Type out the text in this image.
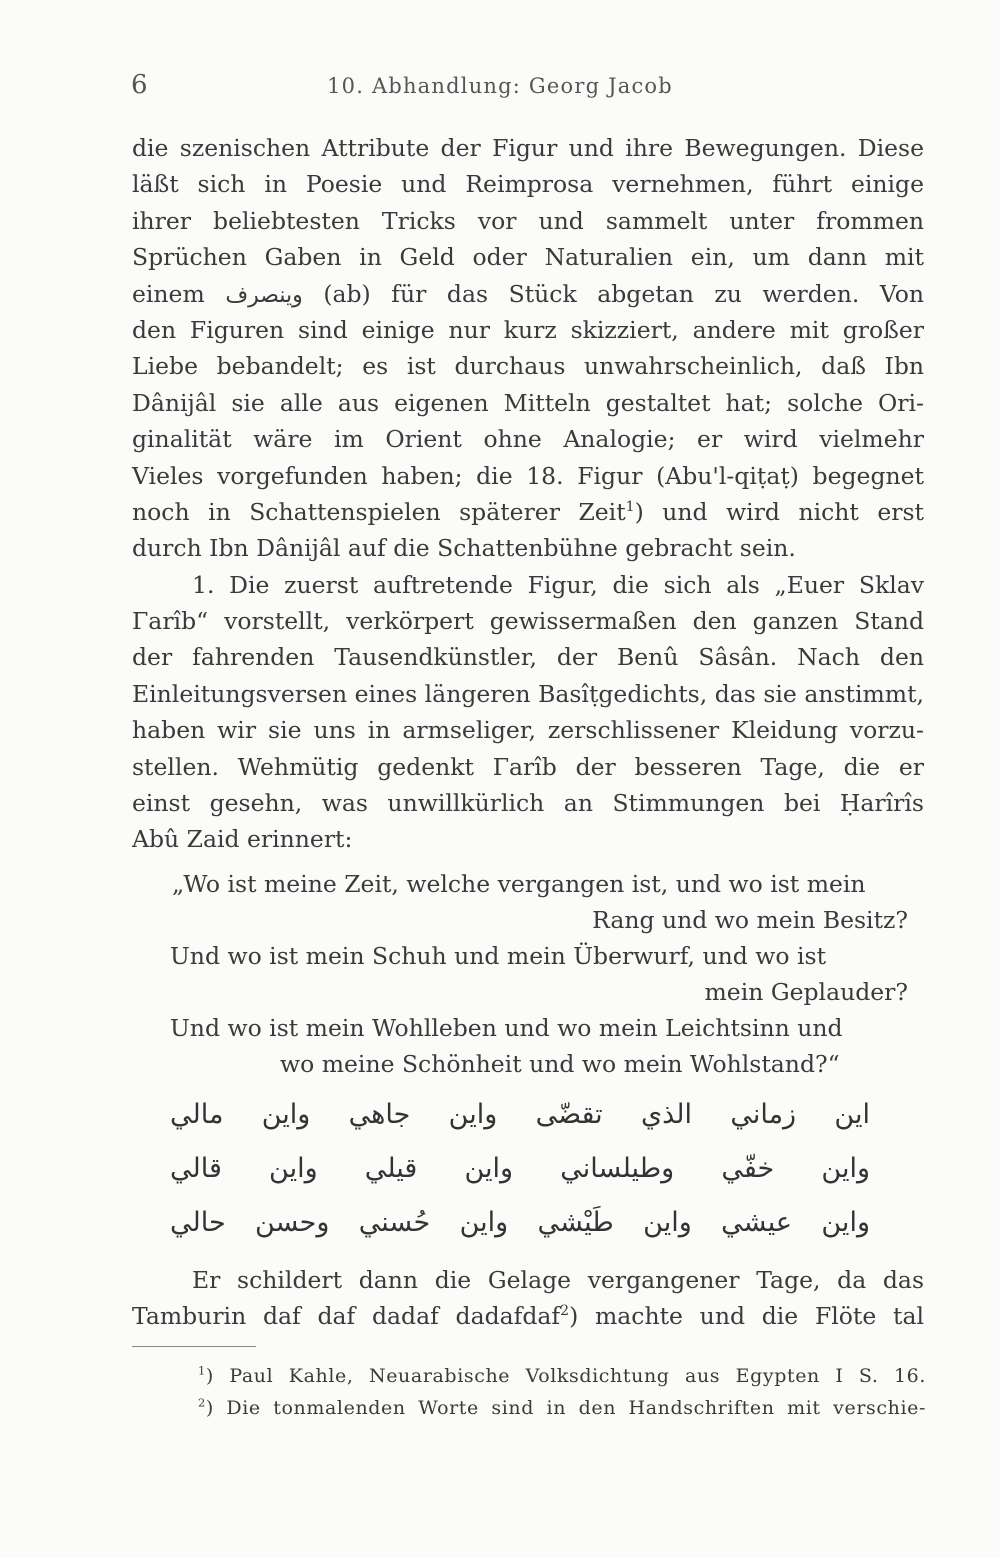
6	10. Abhandlung: Georg Jacob
die szenischen Attribute der Figur und ihre Bewegungen. Diese
läßt sich in Poesie und Reimprosa vernehmen, führt einige
ihrer beliebtesten Tricks vor und sammelt unter frommen
Sprüchen Gaben in Geld oder Naturalien ein, um dann mit
einem وينصرف (ab) für das Stück abgetan zu werden. Von
den Figuren sind einige nur kurz skizziert, andere mit großer
Liebe bebandelt; es ist durchaus unwahrscheinlich, daß Ibn
Dânijâl sie alle aus eigenen Mitteln gestaltet hat; solche Ori-
ginalität wäre im Orient ohne Analogie; er wird vielmehr
Vieles vorgefunden haben; die 18. Figur (Abu'l-qiṭaṭ) begegnet
noch in Schattenspielen späterer Zeit$^1$) und wird nicht erst
durch Ibn Dânijâl auf die Schattenbühne gebracht sein.
1. Die zuerst auftretende Figur, die sich als „Euer Sklav
Γarîb“ vorstellt, verkörpert gewissermaßen den ganzen Stand
der fahrenden Tausendkünstler, der Benû Sâsân. Nach den
Einleitungsversen eines längeren Basîṭgedichts, das sie anstimmt,
haben wir sie uns in armseliger, zerschlissener Kleidung vorzu-
stellen. Wehmütig gedenkt Γarîb der besseren Tage, die er
einst gesehn, was unwillkürlich an Stimmungen bei Ḥarîrîs
Abû Zaid erinnert:
„Wo ist meine Zeit, welche vergangen ist, und wo ist mein
Rang und wo mein Besitz?
Und wo ist mein Schuh und mein Überwurf, und wo ist
mein Geplauder?
Und wo ist mein Wohlleben und wo mein Leichtsinn und
wo meine Schönheit und wo mein Wohlstand?“
اين زماني الذي تقضّى واين جاهي واين مالي
واين خفّي وطيلساني واين قيلي واين قالي
واين عيشي واين طَيْشي واين حُسني وحسن حالي
Er schildert dann die Gelage vergangener Tage, da das
Tamburin daf daf dadaf dadafdaf$^2$) machte und die Flöte tal
$^1$) Paul Kahle, Neuarabische Volksdichtung aus Egypten I S. 16.
$^2$) Die tonmalenden Worte sind in den Handschriften mit verschie-
